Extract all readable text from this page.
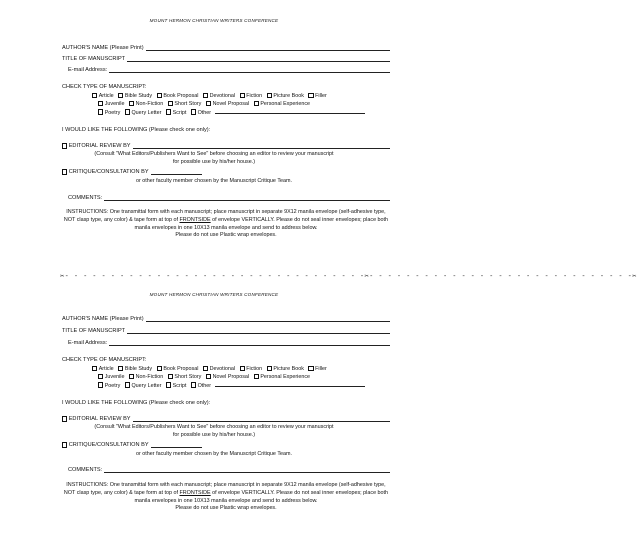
MOUNT HERMON CHRISTIAN WRITERS CONFERENCE
AUTHOR'S NAME (Please Print)
TITLE OF MANUSCRIPT
E-mail Address:
CHECK TYPE OF MANUSCRIPT:
Article Bible Study Book Proposal Devotional Fiction Picture Book Filler
Juvenile Non-Fiction Short Story Novel Proposal Personal Experience
Poetry Query Letter Script Other
I WOULD LIKE THE FOLLOWING (Please check one only):
EDITORIAL REVIEW BY
(Consult "What Editors/Publishers Want to See" before choosing an editor to review your manuscript
for possible use by his/her house.)
CRITIQUE/CONSULTATION BY
or other faculty member chosen by the Manuscript Critique Team.
COMMENTS:
INSTRUCTIONS: One transmittal form with each manuscript; place manuscript in separate 9X12 manila envelope (self-adhesive type, NOT clasp type, any color) & tape form at top of FRONTSIDE of envelope VERTICALLY. Please do not seal inner envelopes; place both manila envelopes in one 10X13 manila envelope and send to address below.
Please do not use Plastic wrap envelopes.
✂- - - - - - - - - - - - - - - - - - - - - - - - - - - - - - - - -✂- - - - - - - - - - - - - - - - - - - - - - - - - - - - -✂
MOUNT HERMON CHRISTIAN WRITERS CONFERENCE
AUTHOR'S NAME (Please Print)
TITLE OF MANUSCRIPT
E-mail Address:
CHECK TYPE OF MANUSCRIPT:
Article Bible Study Book Proposal Devotional Fiction Picture Book Filler
Juvenile Non-Fiction Short Story Novel Proposal Personal Experience
Poetry Query Letter Script Other
I WOULD LIKE THE FOLLOWING (Please check one only):
EDITORIAL REVIEW BY
(Consult "What Editors/Publishers Want to See" before choosing an editor to review your manuscript
for possible use by his/her house.)
CRITIQUE/CONSULTATION BY
or other faculty member chosen by the Manuscript Critique Team.
COMMENTS:
INSTRUCTIONS: One transmittal form with each manuscript; place manuscript in separate 9X12 manila envelope (self-adhesive type, NOT clasp type, any color) & tape form at top of FRONTSIDE of envelope VERTICALLY. Please do not seal inner envelopes; place both manila envelopes in one 10X13 manila envelope and send to address below.
Please do not use Plastic wrap envelopes.
